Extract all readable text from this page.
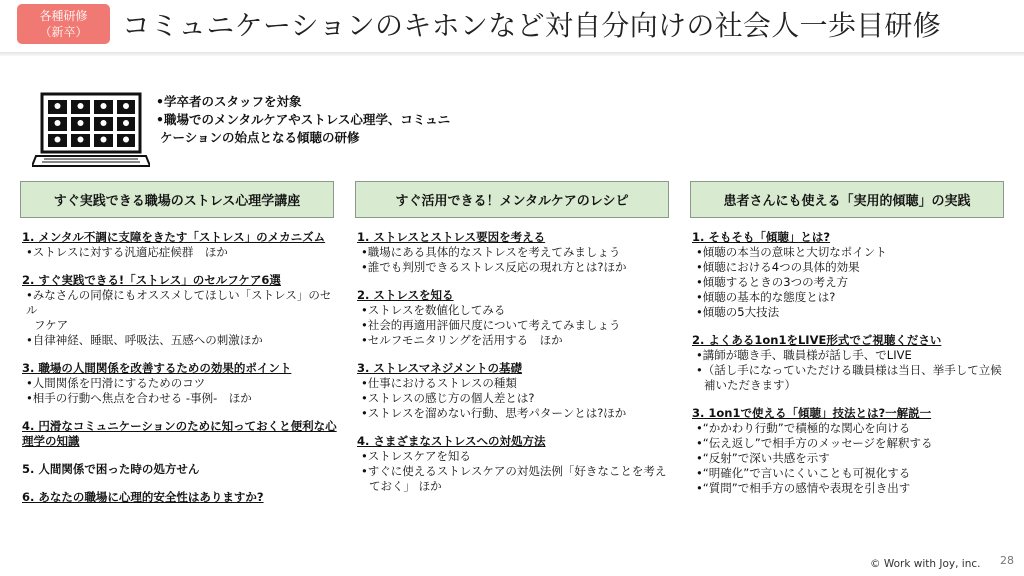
各種研修
（新卒）	コミュニケーションのキホンなど対自分向けの社会人一歩目研修
•学卒者のスタッフを対象
•職場でのメンタルケアやストレス心理学、コミュニ
ケーションの始点となる傾聴の研修
すぐ実践できる職場のストレス心理学講座
1. メンタル不調に支障をきたす「ストレス」のメカニズム
•ストレスに対する汎適応症候群　ほか
2. すぐ実践できる!「ストレス」のセルフケア6選
•みなさんの同僚にもオススメしてほしい「ストレス」のセル
フケア
•自律神経、睡眠、呼吸法、五感への刺激ほか
3. 職場の人間関係を改善するための効果的ポイント
•人間関係を円滑にするためのコツ
•相手の行動へ焦点を合わせる -事例-　ほか
4. 円滑なコミュニケーションのために知っておくと便利な心理学の知識
5. 人間関係で困った時の処方せん
6. あなたの職場に心理的安全性はありますか?
すぐ活用できる！メンタルケアのレシピ
1. ストレスとストレス要因を考える
•職場にある具体的なストレスを考えてみましょう
•誰でも判別できるストレス反応の現れ方とは?ほか
2. ストレスを知る
•ストレスを数値化してみる
•社会的再適用評価尺度について考えてみましょう
•セルフモニタリングを活用する　ほか
3. ストレスマネジメントの基礎
•仕事におけるストレスの種類
•ストレスの感じ方の個人差とは?
•ストレスを溜めない行動、思考パターンとは?ほか
4. さまざまなストレスへの対処方法
•ストレスケアを知る
•すぐに使えるストレスケアの対処法例「好きなことを考え
ておく」 ほか
患者さんにも使える「実用的傾聴」の実践
1. そもそも「傾聴」とは?
•傾聴の本当の意味と大切なポイント
•傾聴における4つの具体的効果
•傾聴するときの3つの考え方
•傾聴の基本的な態度とは?
•傾聴の5大技法
2. よくある1on1をLIVE形式でご視聴ください
•講師が聴き手、職員様が話し手、でLIVE
•（話し手になっていただける職員様は当日、挙手して立候
補いただきます）
3. 1on1で使える「傾聴」技法とは?一解説一
•“かかわり行動”で積極的な関心を向ける
•“伝え返し”で相手方のメッセージを解釈する
•“反射”で深い共感を示す
•“明確化”で言いにくいことも可視化する
•“質問”で相手方の感情や表現を引き出す
© Work with Joy, inc. 28
